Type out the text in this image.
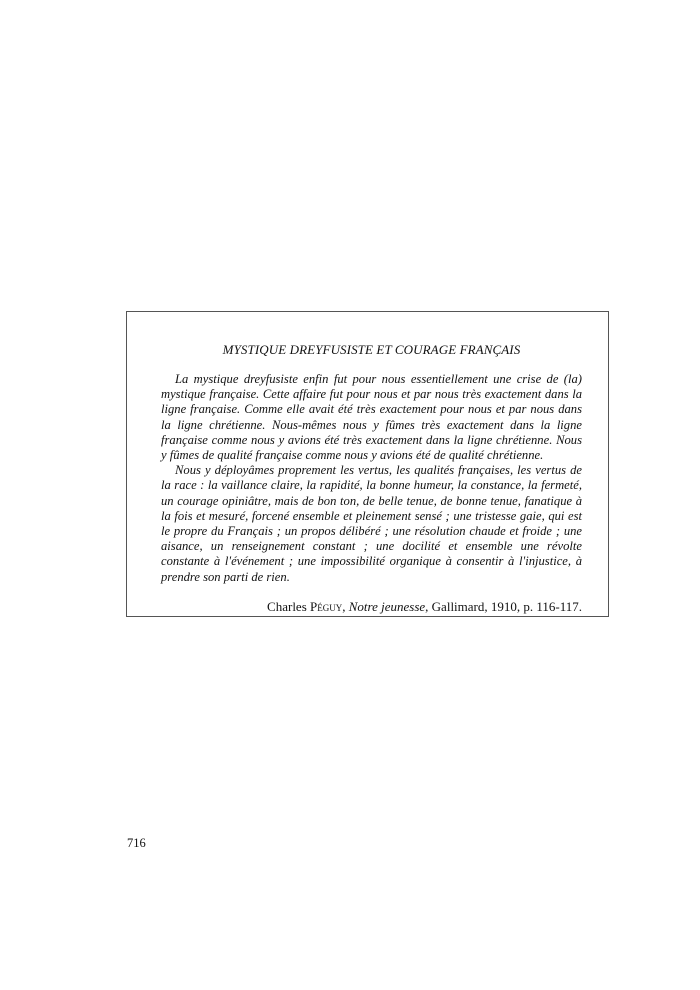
MYSTIQUE DREYFUSISTE ET COURAGE FRANÇAIS

La mystique dreyfusiste enfin fut pour nous essentiellement une crise de (la) mystique française. Cette affaire fut pour nous et par nous très exactement dans la ligne française. Comme elle avait été très exactement pour nous et par nous dans la ligne chrétienne. Nous-mêmes nous y fûmes très exactement dans la ligne française comme nous y avions été très exactement dans la ligne chrétienne. Nous y fûmes de qualité française comme nous y avions été de qualité chrétienne.

Nous y déployâmes proprement les vertus, les qualités françaises, les vertus de la race : la vaillance claire, la rapidité, la bonne humeur, la constance, la fermeté, un courage opiniâtre, mais de bon ton, de belle tenue, de bonne tenue, fanatique à la fois et mesuré, forcené ensemble et pleinement sensé ; une tristesse gaie, qui est le propre du Français ; un propos délibéré ; une résolution chaude et froide ; une aisance, un renseignement constant ; une docilité et ensemble une révolte constante à l'événement ; une impossibilité organique à consentir à l'injustice, à prendre son parti de rien.

Charles Péguy, Notre jeunesse, Gallimard, 1910, p. 116-117.
716
